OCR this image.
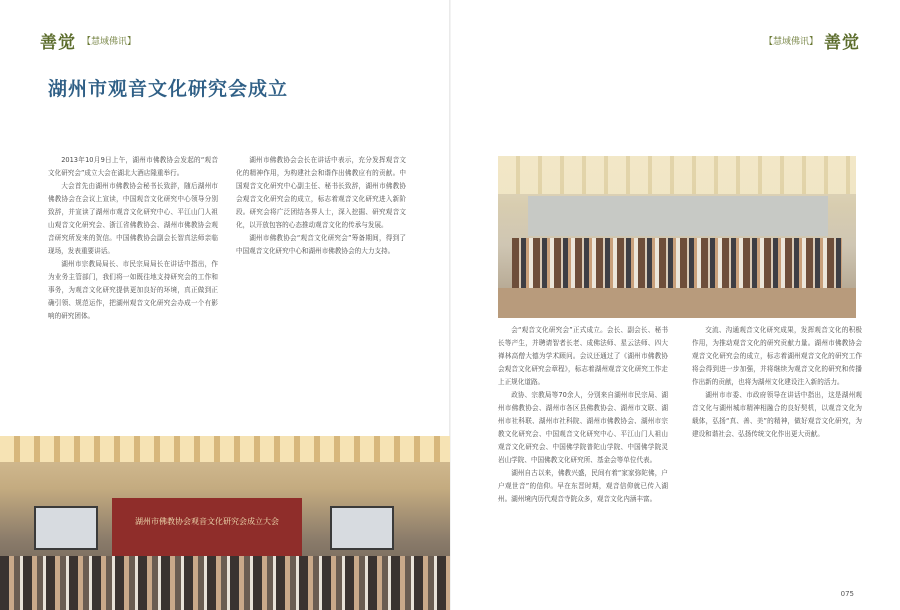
善觉 【慧域佛讯】	【慧域佛讯】 善觉
湖州市观音文化研究会成立

2013年10月9日上午，湖州市佛教协会发起的“观音文化研究会”成立大会在湖北大酒店隆重举行。

大会首先由湖州市佛教协会秘书长致辞，随后湖州市佛教协会在会议上宣读，中国观音文化研究中心领导分别致辞，并宣读了湖州市观音文化研究中心、平江山门人祖山观音文化研究会、浙江省佛教协会、湖州市佛教协会观音研究所发来的贺信。中国佛教协会副会长智真法师亲临现场，发表重要讲话。

湖州市宗教局局长、市民宗局局长在讲话中指出，作为业务主管部门，我们将一如既往地支持研究会的工作和事务，为观音文化研究提供更加良好的环境，真正做到正确引领、规范运作，把湖州观音文化研究会办成一个有影响的研究团体。

湖州市佛教协会会长在讲话中表示，充分发挥观音文化的精神作用，为构建社会和谐作出佛教应有的贡献。中国观音文化研究中心副主任、秘书长致辞，湖州市佛教协会观音文化研究会的成立，标志着观音文化研究进入新阶段。研究会将广泛团结各界人士，深入挖掘、研究观音文化，以开放包容的心态推动观音文化的传承与发展。

湖州市佛教协会“观音文化研究会”筹备期间，得到了中国观音文化研究中心和湖州市佛教协会的大力支持。

会“观音文化研究会”正式成立。会长、副会长、秘书长等产生，并聘请智者长老、成佛法师、星云法师、四大禅林高僧大德为学术顾问。会议还通过了《湖州市佛教协会观音文化研究会章程》，标志着湖州观音文化研究工作走上正规化道路。

政协、宗教局等70余人，分别来自湖州市民宗局、湖州市佛教协会、湖州市各区县佛教协会、湖州市文联、湖州市社科联、湖州市社科院、湖州市佛教协会、湖州市宗教文化研究会、中国观音文化研究中心、平江山门人祖山观音文化研究会、中国佛学院普陀山学院、中国佛学院灵岩山学院、中国佛教文化研究所、基金会等单位代表。

湖州自古以来，佛教兴盛，民间有着“家家弥陀佛，户户观世音”的信仰。早在东晋时期，观音信仰就已传入湖州。湖州境内历代观音寺院众多，观音文化内涵丰富。

交流、沟通观音文化研究成果，发挥观音文化的积极作用，为推动观音文化的研究贡献力量。湖州市佛教协会观音文化研究会的成立，标志着湖州观音文化的研究工作将会得到进一步加强，并将继续为观音文化的研究和传播作出新的贡献，也将为湖州文化建设注入新的活力。

湖州市市委、市政府领导在讲话中指出，这是湖州观音文化与湖州城市精神相融合的良好契机，以观音文化为载体，弘扬“真、善、美”的精神，做好观音文化研究，为建设和谐社会、弘扬传统文化作出更大贡献。

湖州市佛教协会观音文化研究会成立大会
075
